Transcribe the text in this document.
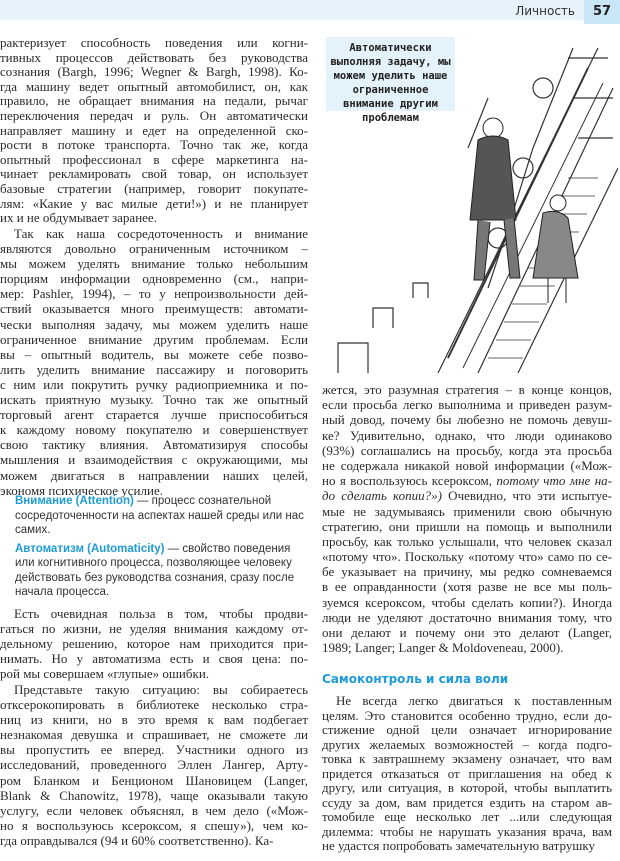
Личность	57
рактеризует способность поведения или когни-
тивных процессов действовать без руководства
сознания (Bargh, 1996; Wegner & Bargh, 1998). Ко-
гда машину ведет опытный автомобилист, он, как
правило, не обращает внимания на педали, рычаг
переключения передач и руль. Он автоматически
направляет машину и едет на определенной ско-
рости в потоке транспорта. Точно так же, когда
опытный профессионал в сфере маркетинга на-
чинает рекламировать свой товар, он использует
базовые стратегии (например, говорит покупате-
лям: «Какие у вас милые дети!») и не планирует
их и не обдумывает заранее.
Так как наша сосредоточенность и внимание
являются довольно ограниченным источником –
мы можем уделять внимание только небольшим
порциям информации одновременно (см., напри-
мер: Pashler, 1994), – то у непроизвольности дей-
ствий оказывается много преимуществ: автомати-
чески выполняя задачу, мы можем уделить наше
ограниченное внимание другим проблемам. Если
вы – опытный водитель, вы можете себе позво-
лить уделить внимание пассажиру и поговорить
с ним или покрутить ручку радиоприемника и по-
искать приятную музыку. Точно так же опытный
торговый агент старается лучше приспособиться
к каждому новому покупателю и совершенствует
свою тактику влияния. Автоматизируя способы
мышления и взаимодействия с окружающими, мы
можем двигаться в направлении наших целей,
экономя психическое усилие.
Есть очевидная польза в том, чтобы продви-
гаться по жизни, не уделяя внимания каждому от-
дельному решению, которое нам приходится при-
нимать. Но у автоматизма есть и своя цена: по-
рой мы совершаем «глупые» ошибки.
Представьте такую ситуацию: вы собираетесь
отксерокопировать в библиотеке несколько стра-
ниц из книги, но в это время к вам подбегает
незнакомая девушка и спрашивает, не сможете ли
вы пропустить ее вперед. Участники одного из
исследований, проведенного Эллен Лангер, Арту-
ром Бланком и Бенционом Шановицем (Langer,
Blank & Chanowitz, 1978), чаще оказывали такую
услугу, если человек объяснял, в чем дело («Мож-
но я воспользуюсь ксероксом, я спешу»), чем ко-
гда оправдывался (94 и 60% соответственно). Ка-

Внимание (Attention) — процесс сознательной сосредоточенности на аспектах нашей среды или нас самих.

Автоматизм (Automaticity) — свойство поведения или когнитивного процесса, позволяющее человеку действовать без руководства сознания, сразу после начала процесса.

Автоматически выполняя задачу, мы можем уделить наше ограниченное внимание другим проблемам
жется, это разумная стратегия – в конце концов,
если просьба легко выполнима и приведен разум-
ный довод, почему бы любезно не помочь девуш-
ке? Удивительно, однако, что люди одинаково
(93%) соглашались на просьбу, когда эта просьба
не содержала никакой новой информации («Мож-
но я воспользуюсь ксероксом, потому что мне на-
до сделать копии?») Очевидно, что эти испытуе-
мые не задумываясь применили свою обычную
стратегию, они пришли на помощь и выполнили
просьбу, как только услышали, что человек сказал
«потому что». Поскольку «потому что» само по се-
бе указывает на причину, мы редко сомневаемся
в ее оправданности (хотя разве не все мы поль-
зуемся ксероксом, чтобы сделать копии?). Иногда
люди не уделяют достаточно внимания тому, что
они делают и почему они это делают (Langer,
1989; Langer; Langer & Moldoveneau, 2000).
Не всегда легко двигаться к поставленным
целям. Это становится особенно трудно, если до-
стижение одной цели означает игнорирование
других желаемых возможностей – когда подго-
товка к завтрашнему экзамену означает, что вам
придется отказаться от приглашения на обед к
другу, или ситуация, в которой, чтобы выплатить
ссуду за дом, вам придется ездить на старом ав-
томобиле еще несколько лет ...или следующая
дилемма: чтобы не нарушать указания врача, вам
не удастся попробовать замечательную ватрушку
Самоконтроль и сила воли
